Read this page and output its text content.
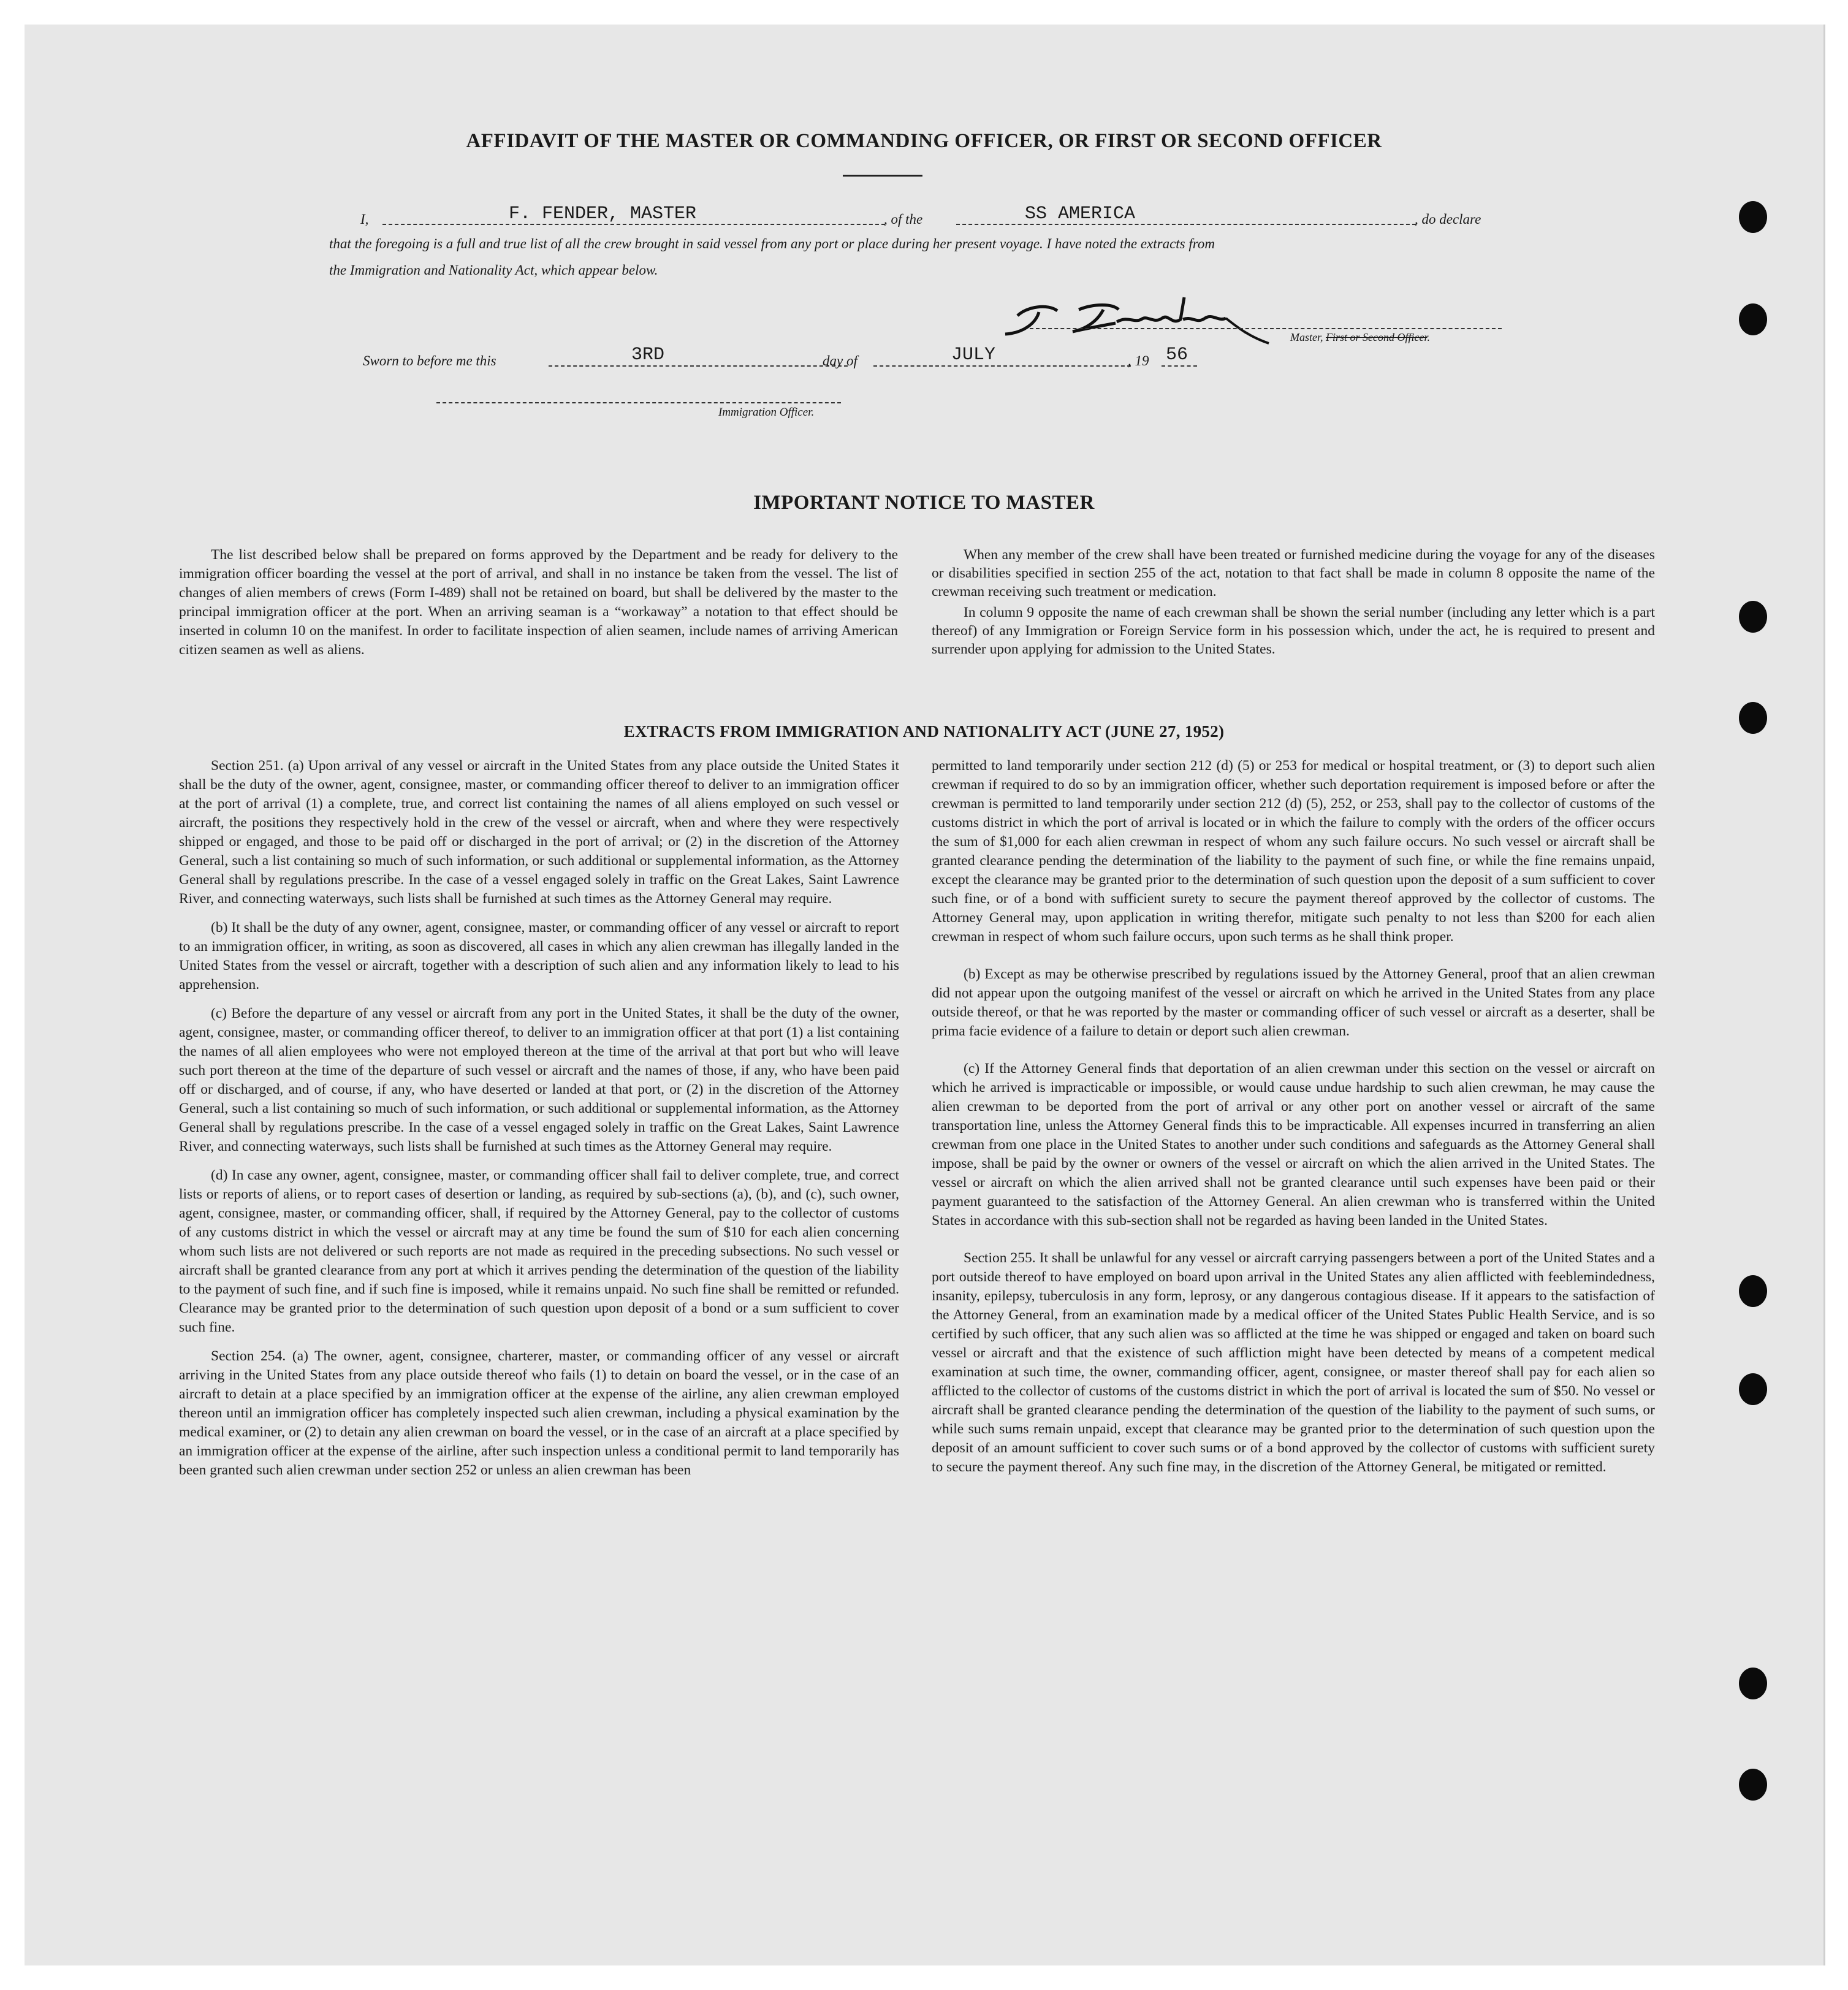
AFFIDAVIT OF THE MASTER OR COMMANDING OFFICER, OR FIRST OR SECOND OFFICER
I,	F. FENDER, MASTER	, of the	SS AMERICA	, do declare
that the foregoing is a full and true list of all the crew brought in said vessel from any port or place during her present voyage. I have noted the extracts from
the Immigration and Nationality Act, which appear below.
Master, First or Second Officer.
Sworn to before me this	3RD	day of	JULY	, 19 56
Immigration Officer.
IMPORTANT NOTICE TO MASTER

The list described below shall be prepared on forms approved by the Department and be ready for delivery to the immigration officer boarding the vessel at the port of arrival, and shall in no instance be taken from the vessel. The list of changes of alien members of crews (Form I-489) shall not be retained on board, but shall be delivered by the master to the principal immigration officer at the port. When an arriving seaman is a “workaway” a notation to that effect should be inserted in column 10 on the manifest. In order to facilitate inspection of alien seamen, include names of arriving American citizen seamen as well as aliens.

When any member of the crew shall have been treated or furnished medicine during the voyage for any of the diseases or disabilities specified in section 255 of the act, notation to that fact shall be made in column 8 opposite the name of the crewman receiving such treatment or medication.

In column 9 opposite the name of each crewman shall be shown the serial number (including any letter which is a part thereof) of any Immigration or Foreign Service form in his possession which, under the act, he is required to present and surrender upon applying for admission to the United States.

EXTRACTS FROM IMMIGRATION AND NATIONALITY ACT (JUNE 27, 1952)

Section 251. (a) Upon arrival of any vessel or aircraft in the United States from any place outside the United States it shall be the duty of the owner, agent, consignee, master, or commanding officer thereof to deliver to an immigration officer at the port of arrival (1) a complete, true, and correct list containing the names of all aliens employed on such vessel or aircraft, the positions they respectively hold in the crew of the vessel or aircraft, when and where they were respectively shipped or engaged, and those to be paid off or discharged in the port of arrival; or (2) in the discretion of the Attorney General, such a list containing so much of such information, or such additional or supplemental information, as the Attorney General shall by regulations prescribe. In the case of a vessel engaged solely in traffic on the Great Lakes, Saint Lawrence River, and connecting waterways, such lists shall be furnished at such times as the Attorney General may require.

(b) It shall be the duty of any owner, agent, consignee, master, or commanding officer of any vessel or aircraft to report to an immigration officer, in writing, as soon as discovered, all cases in which any alien crewman has illegally landed in the United States from the vessel or aircraft, together with a description of such alien and any information likely to lead to his apprehension.

(c) Before the departure of any vessel or aircraft from any port in the United States, it shall be the duty of the owner, agent, consignee, master, or commanding officer thereof, to deliver to an immigration officer at that port (1) a list containing the names of all alien employees who were not employed thereon at the time of the arrival at that port but who will leave such port thereon at the time of the departure of such vessel or aircraft and the names of those, if any, who have been paid off or discharged, and of course, if any, who have deserted or landed at that port, or (2) in the discretion of the Attorney General, such a list containing so much of such information, or such additional or supplemental information, as the Attorney General shall by regulations prescribe. In the case of a vessel engaged solely in traffic on the Great Lakes, Saint Lawrence River, and connecting waterways, such lists shall be furnished at such times as the Attorney General may require.

(d) In case any owner, agent, consignee, master, or commanding officer shall fail to deliver complete, true, and correct lists or reports of aliens, or to report cases of desertion or landing, as required by sub-sections (a), (b), and (c), such owner, agent, consignee, master, or commanding officer, shall, if required by the Attorney General, pay to the collector of customs of any customs district in which the vessel or aircraft may at any time be found the sum of $10 for each alien concerning whom such lists are not delivered or such reports are not made as required in the preceding subsections. No such vessel or aircraft shall be granted clearance from any port at which it arrives pending the determination of the question of the liability to the payment of such fine, and if such fine is imposed, while it remains unpaid. No such fine shall be remitted or refunded. Clearance may be granted prior to the determination of such question upon deposit of a bond or a sum sufficient to cover such fine.

Section 254. (a) The owner, agent, consignee, charterer, master, or commanding officer of any vessel or aircraft arriving in the United States from any place outside thereof who fails (1) to detain on board the vessel, or in the case of an aircraft to detain at a place specified by an immigration officer at the expense of the airline, any alien crewman employed thereon until an immigration officer has completely inspected such alien crewman, including a physical examination by the medical examiner, or (2) to detain any alien crewman on board the vessel, or in the case of an aircraft at a place specified by an immigration officer at the expense of the airline, after such inspection unless a conditional permit to land temporarily has been granted such alien crewman under section 252 or unless an alien crewman has been

permitted to land temporarily under section 212 (d) (5) or 253 for medical or hospital treatment, or (3) to deport such alien crewman if required to do so by an immigration officer, whether such deportation requirement is imposed before or after the crewman is permitted to land temporarily under section 212 (d) (5), 252, or 253, shall pay to the collector of customs of the customs district in which the port of arrival is located or in which the failure to comply with the orders of the officer occurs the sum of $1,000 for each alien crewman in respect of whom any such failure occurs. No such vessel or aircraft shall be granted clearance pending the determination of the liability to the payment of such fine, or while the fine remains unpaid, except the clearance may be granted prior to the determination of such question upon the deposit of a sum sufficient to cover such fine, or of a bond with sufficient surety to secure the payment thereof approved by the collector of customs. The Attorney General may, upon application in writing therefor, mitigate such penalty to not less than $200 for each alien crewman in respect of whom such failure occurs, upon such terms as he shall think proper.

(b) Except as may be otherwise prescribed by regulations issued by the Attorney General, proof that an alien crewman did not appear upon the outgoing manifest of the vessel or aircraft on which he arrived in the United States from any place outside thereof, or that he was reported by the master or commanding officer of such vessel or aircraft as a deserter, shall be prima facie evidence of a failure to detain or deport such alien crewman.

(c) If the Attorney General finds that deportation of an alien crewman under this section on the vessel or aircraft on which he arrived is impracticable or impossible, or would cause undue hardship to such alien crewman, he may cause the alien crewman to be deported from the port of arrival or any other port on another vessel or aircraft of the same transportation line, unless the Attorney General finds this to be impracticable. All expenses incurred in transferring an alien crewman from one place in the United States to another under such conditions and safeguards as the Attorney General shall impose, shall be paid by the owner or owners of the vessel or aircraft on which the alien arrived in the United States. The vessel or aircraft on which the alien arrived shall not be granted clearance until such expenses have been paid or their payment guaranteed to the satisfaction of the Attorney General. An alien crewman who is transferred within the United States in accordance with this sub-section shall not be regarded as having been landed in the United States.

Section 255. It shall be unlawful for any vessel or aircraft carrying passengers between a port of the United States and a port outside thereof to have employed on board upon arrival in the United States any alien afflicted with feeblemindedness, insanity, epilepsy, tuberculosis in any form, leprosy, or any dangerous contagious disease. If it appears to the satisfaction of the Attorney General, from an examination made by a medical officer of the United States Public Health Service, and is so certified by such officer, that any such alien was so afflicted at the time he was shipped or engaged and taken on board such vessel or aircraft and that the existence of such affliction might have been detected by means of a competent medical examination at such time, the owner, commanding officer, agent, consignee, or master thereof shall pay for each alien so afflicted to the collector of customs of the customs district in which the port of arrival is located the sum of $50. No vessel or aircraft shall be granted clearance pending the determination of the question of the liability to the payment of such sums, or while such sums remain unpaid, except that clearance may be granted prior to the determination of such question upon the deposit of an amount sufficient to cover such sums or of a bond approved by the collector of customs with sufficient surety to secure the payment thereof. Any such fine may, in the discretion of the Attorney General, be mitigated or remitted.
